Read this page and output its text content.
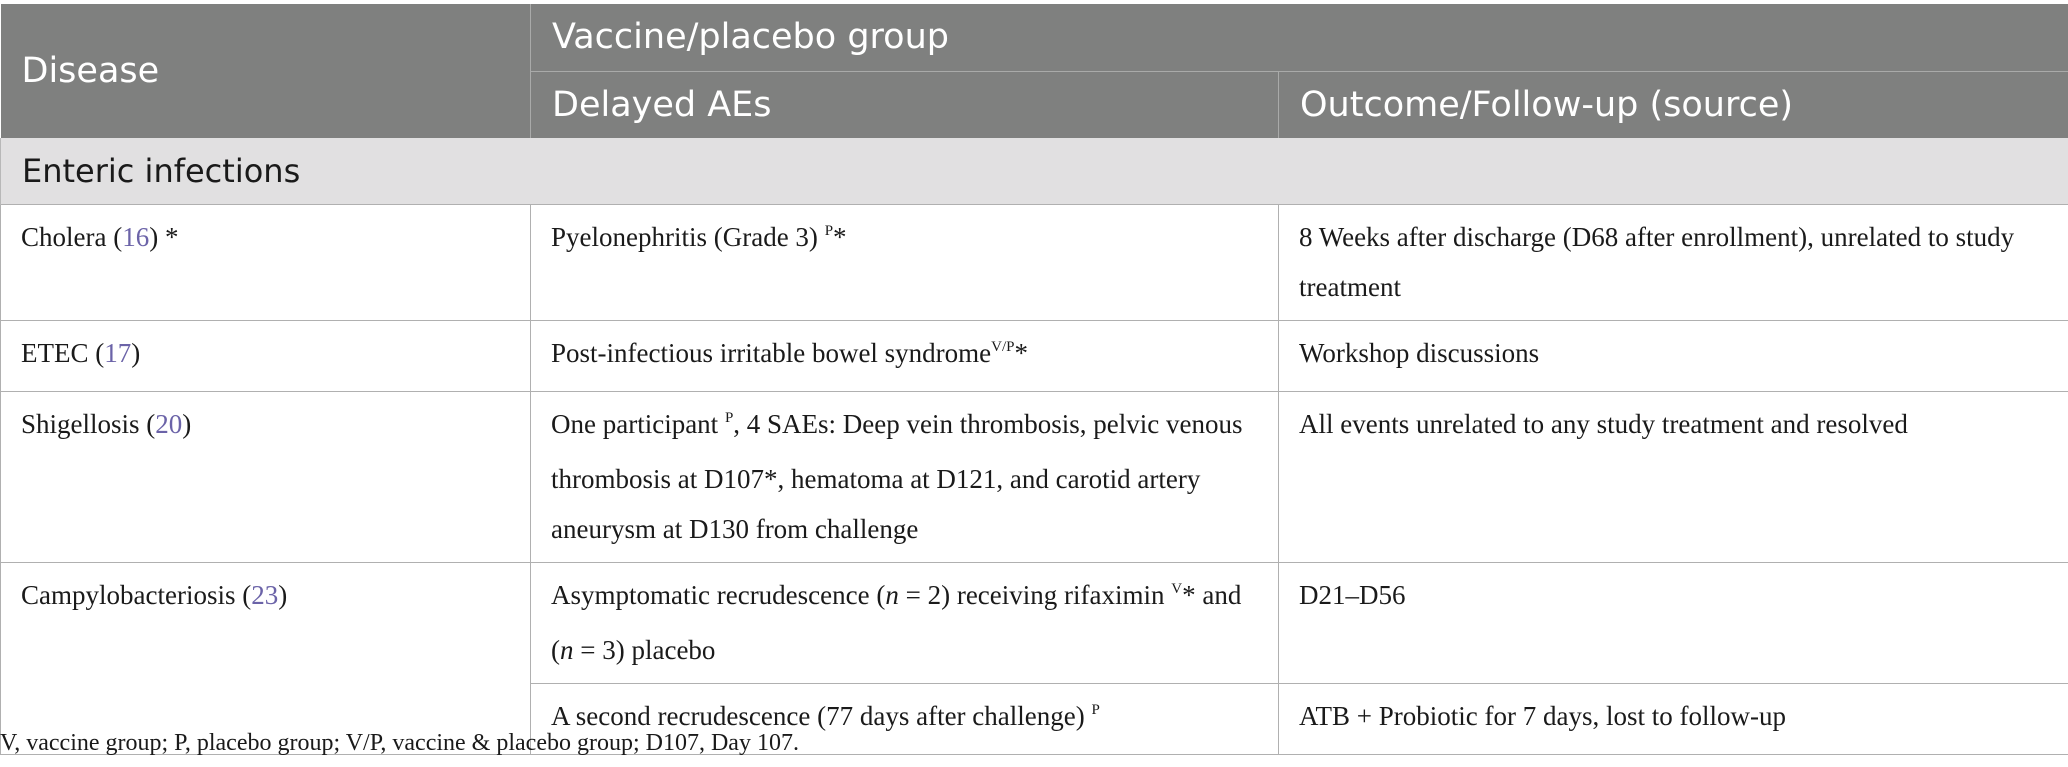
Disease	Vaccine/placebo group	
	Delayed AEs	Outcome/Follow-up (source)
Enteric infections		
Cholera (16) *	Pyelonephritis (Grade 3) $^P$*	8 Weeks after discharge (D68 after enrollment), unrelated to study treatment
ETEC (17)	Post-infectious irritable bowel syndrome$^{V/P}$*	Workshop discussions
Shigellosis (20)	One participant $^P$, 4 SAEs: Deep vein thrombosis, pelvic venous thrombosis at D107*, hematoma at D121, and carotid artery aneurysm at D130 from challenge	All events unrelated to any study treatment and resolved
Campylobacteriosis (23)	Asymptomatic recrudescence (n = 2) receiving rifaximin $^V$* and (n = 3) placebo	D21–D56
	A second recrudescence (77 days after challenge) $^P$	ATB + Probiotic for 7 days, lost to follow-up
V, vaccine group; P, placebo group; V/P, vaccine & placebo group; D107, Day 107.
